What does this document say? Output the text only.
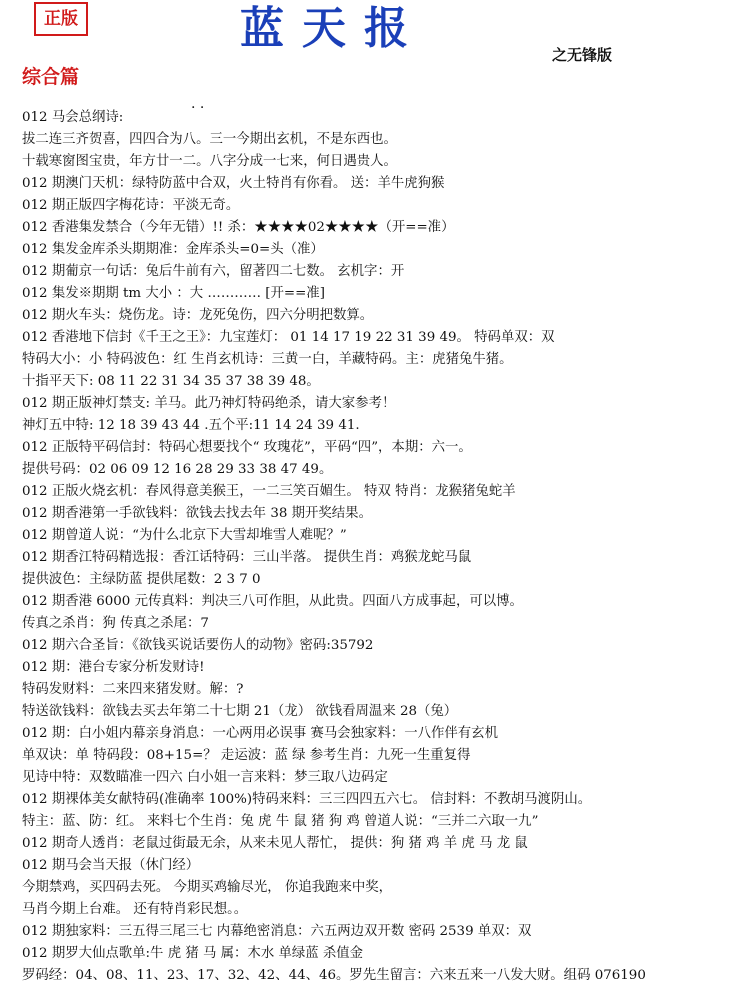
正版	蓝天报
之无锋版
综合篇
. .
012 马会总纲诗:
拔二连三齐贺喜，四四合为八。三一今期出玄机，不是东西也。
十载寒窗图宝贵，年方廿一二。八字分成一七来，何日遇贵人。
012 期澳门天机：绿特防蓝中合双，火土特肖有你看。 送：羊牛虎狗猴
012 期正版四字梅花诗：平淡无奇。
012 香港集发禁合（今年无错）!! 杀：★★★★02★★★★（开==准）
012 集发金库杀头期期准：金库杀头=0=头（准）
012 期葡京一句话：兔后牛前有六，留著四二七数。 玄机字：开
012 集发※期期 tm 大小 ：大 ………… [开==准]
012 期火车头：烧伤龙。诗：龙死兔伤，四六分明把数算。
012 香港地下信封《千王之王》：九宝莲灯： 01 14 17 19 22 31 39 49。 特码单双：双
特码大小：小 特码波色：红 生肖玄机诗：三黄一白，羊藏特码。主：虎猪兔牛猪。
十指平天下: 08 11 22 31 34 35 37 38 39 48。
012 期正版神灯禁支: 羊马。此乃神灯特码绝杀，请大家参考！
神灯五中特: 12 18 39 43 44 .五个平:11 14 24 39 41.
012 正版特平码信封：特码心想要找个“ 玫瑰花”，平码“四”，本期：六一。
提供号码：02 06 09 12 16 28 29 33 38 47 49。
012 正版火烧玄机：春风得意美猴王，一二三笑百媚生。 特双 特肖：龙猴猪兔蛇羊
012 期香港第一手欲钱料：欲钱去找去年 38 期开奖结果。
012 期曾道人说：“为什么北京下大雪却堆雪人难呢？”
012 期香江特码精选报：香江话特码：三山半落。 提供生肖：鸡猴龙蛇马鼠
提供波色：主绿防蓝 提供尾数：2 3 7 0
012 期香港 6000 元传真料：判决三八可作胆，从此贵。四面八方成事起，可以博。
传真之杀肖：狗 传真之杀尾：7
012 期六合圣旨：《欲钱买说话要伤人的动物》密码:35792
012 期：港台专家分析发财诗!
特码发财料：二来四来猪发财。解：?
特送欲钱料：欲钱去买去年第二十七期 21（龙） 欲钱看周温来 28（兔）
012 期：白小姐内幕亲身消息：一心两用必误事 赛马会独家料：一八作伴有玄机
单双诀：单 特码段：08+15=？ 走运波：蓝 绿 参考生肖：九死一生重复得
见诗中特：双数瞄准一四六 白小姐一言来料：梦三取八边码定
012 期裸体美女献特码(准确率 100%)特码来料：三三四四五六七。 信封料：不教胡马渡阴山。
特主：蓝、防：红。 来料七个生肖：兔 虎 牛 鼠 猪 狗 鸡 曾道人说：“三并二六取一九”
012 期奇人透肖：老鼠过街最无余，从来未见人帮忙， 提供：狗 猪 鸡 羊 虎 马 龙 鼠
012 期马会当天报（休门经）
今期禁鸡，买四码去死。 今期买鸡输尽光， 你追我跑来中奖，
马肖今期上台难。 还有特肖彩民想。。
012 期独家料：三五得三尾三七 内幕绝密消息：六五两边双开数 密码 2539 单双：双
012 期罗大仙点歌单:牛 虎 猪 马 属：木水 单绿蓝 杀值金
罗码经：04、08、11、23、17、32、42、44、46。罗先生留言：六来五来一八发大财。组码 076190
